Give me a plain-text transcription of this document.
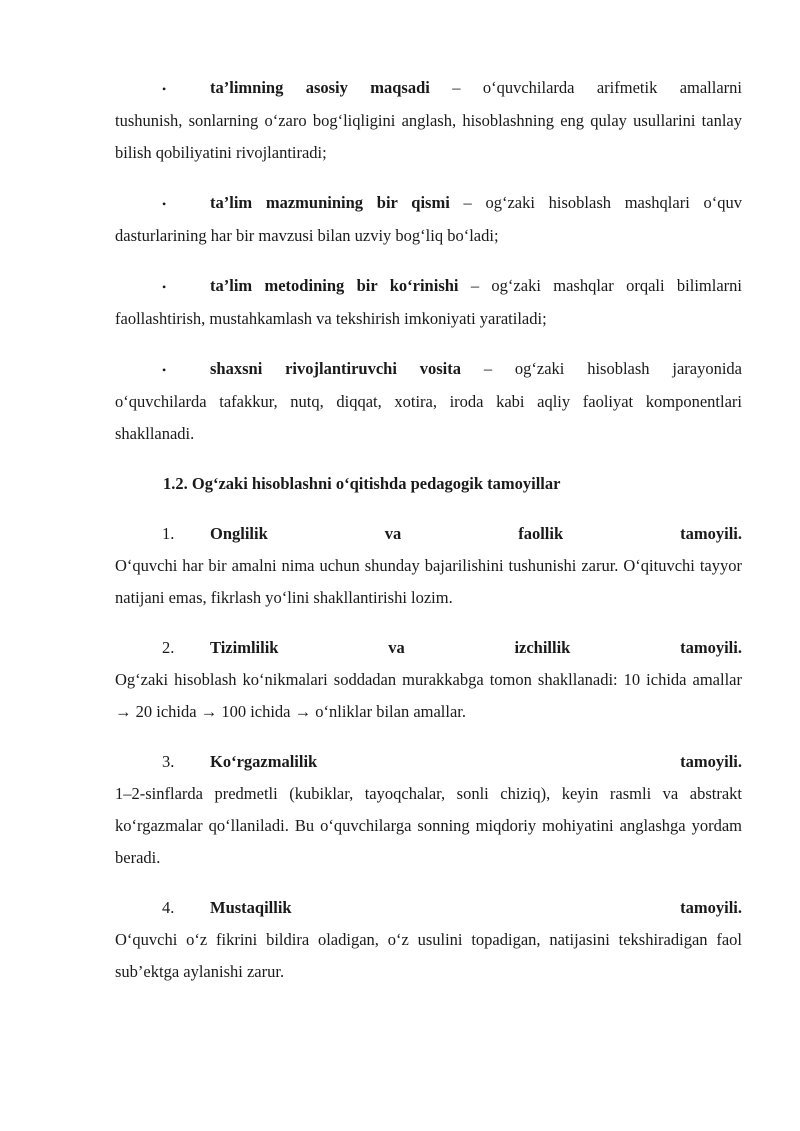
•	ta’limning asosiy maqsadi – o‘quvchilarda arifmetik amallarni
tushunish, sonlarning o‘zaro bog‘liqligini anglash, hisoblashning eng qulay usullarini tanlay bilish qobiliyatini rivojlantiradi;
•	ta’lim mazmunining bir qismi – og‘zaki hisoblash mashqlari o‘quv
dasturlarining har bir mavzusi bilan uzviy bog‘liq bo‘ladi;
•	ta’lim metodining bir ko‘rinishi – og‘zaki mashqlar orqali bilimlarni
faollashtirish, mustahkamlash va tekshirish imkoniyati yaratiladi;
•	shaxsni rivojlantiruvchi vosita – og‘zaki hisoblash jarayonida
o‘quvchilarda tafakkur, nutq, diqqat, xotira, iroda kabi aqliy faoliyat komponentlari shakllanadi.
1.2. Og‘zaki hisoblashni o‘qitishda pedagogik tamoyillar
1.	Onglilik	va	faollik	tamoyili.
O‘quvchi har bir amalni nima uchun shunday bajarilishini tushunishi zarur. O‘qituvchi tayyor natijani emas, fikrlash yo‘lini shakllantirishi lozim.
2.	Tizimlilik	va	izchillik	tamoyili.
Og‘zaki hisoblash ko‘nikmalari soddadan murakkabga tomon shakllanadi: 10 ichida amallar → 20 ichida → 100 ichida → o‘nliklar bilan amallar.
3.	Ko‘rgazmalilik	tamoyili.
1–2-sinflarda predmetli (kubiklar, tayoqchalar, sonli chiziq), keyin rasmli va abstrakt ko‘rgazmalar qo‘llaniladi. Bu o‘quvchilarga sonning miqdoriy mohiyatini anglashga yordam beradi.
4.	Mustaqillik	tamoyili.
O‘quvchi o‘z fikrini bildira oladigan, o‘z usulini topadigan, natijasini tekshiradigan faol sub’ektga aylanishi zarur.
